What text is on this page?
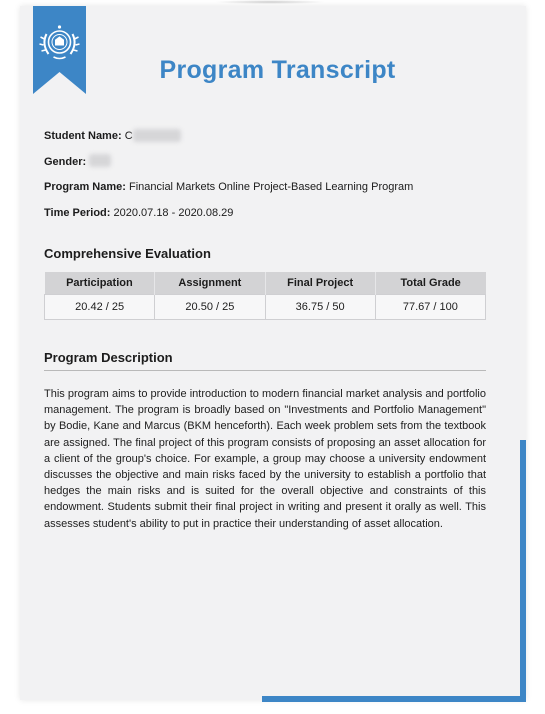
Program Transcript
Student Name: C
Gender:
Program Name: Financial Markets Online Project-Based Learning Program
Time Period: 2020.07.18 - 2020.08.29
Comprehensive Evaluation
Participation	Assignment	Final Project	Total Grade
20.42 / 25	20.50 / 25	36.75 / 50	77.67 / 100
Program Description

This program aims to provide introduction to modern financial market analysis and portfolio management. The program is broadly based on "Investments and Portfolio Management" by Bodie, Kane and Marcus (BKM henceforth). Each week problem sets from the textbook are assigned. The final project of this program consists of proposing an asset allocation for a client of the group's choice. For example, a group may choose a university endowment discusses the objective and main risks faced by the university to establish a portfolio that hedges the main risks and is suited for the overall objective and constraints of this endowment. Students submit their final project in writing and present it orally as well. This assesses student's ability to put in practice their understanding of asset allocation.
